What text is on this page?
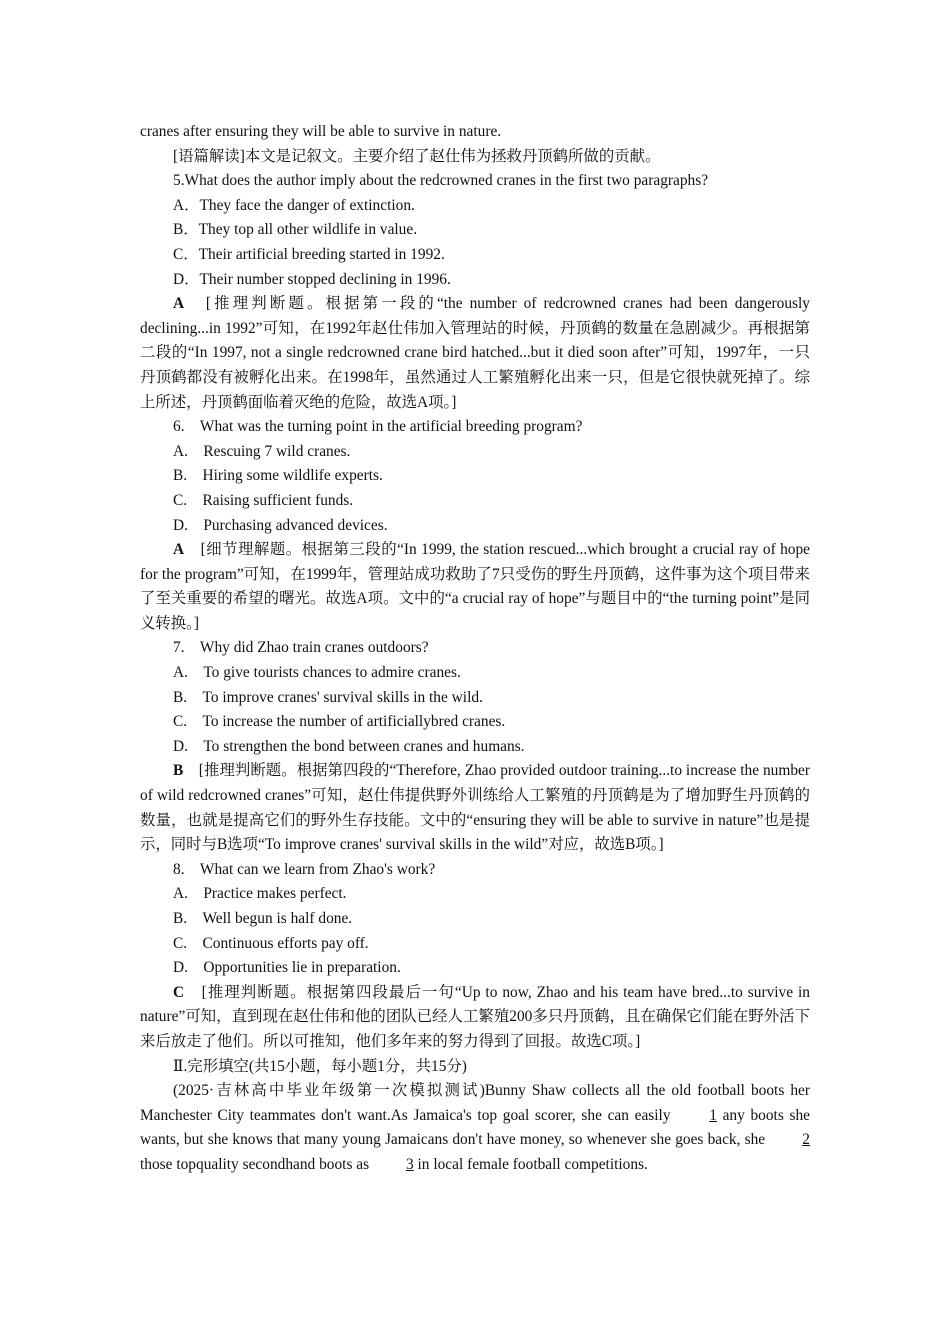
cranes after ensuring they will be able to survive in nature.

[语篇解读]本文是记叙文。主要介绍了赵仕伟为拯救丹顶鹤所做的贡献。

5.What does the author imply about the redcrowned cranes in the first two paragraphs?

A．They face the danger of extinction.

B．They top all other wildlife in value.

C．Their artificial breeding started in 1992.

D．Their number stopped declining in 1996.

A　 [推理判断题。根据第一段的“the number of redcrowned cranes had been dangerously declining...in 1992”可知，在1992年赵仕伟加入管理站的时候，丹顶鹤的数量在急剧减少。再根据第二段的“In 1997, not a single redcrowned crane bird hatched...but it died soon after”可知，1997年，一只丹顶鹤都没有被孵化出来。在1998年，虽然通过人工繁殖孵化出来一只，但是它很快就死掉了。综上所述，丹顶鹤面临着灭绝的危险，故选A项。]

6.　What was the turning point in the artificial breeding program?

A.　Rescuing 7 wild cranes.

B.　Hiring some wildlife experts.

C.　Raising sufficient funds.

D.　Purchasing advanced devices.

A　 [细节理解题。根据第三段的“In 1999, the station rescued...which brought a crucial ray of hope for the program”可知，在1999年，管理站成功救助了7只受伤的野生丹顶鹤，这件事为这个项目带来了至关重要的希望的曙光。故选A项。文中的“a crucial ray of hope”与题目中的“the turning point”是同义转换。]

7.　Why did Zhao train cranes outdoors?

A.　To give tourists chances to admire cranes.

B.　To improve cranes' survival skills in the wild.

C.　To increase the number of artificiallybred cranes.

D.　To strengthen the bond between cranes and humans.

B　 [推理判断题。根据第四段的“Therefore, Zhao provided outdoor training...to increase the number of wild redcrowned cranes”可知，赵仕伟提供野外训练给人工繁殖的丹顶鹤是为了增加野生丹顶鹤的数量，也就是提高它们的野外生存技能。文中的“ensuring they will be able to survive in nature”也是提示，同时与B选项“To improve cranes' survival skills in the wild”对应，故选B项。]

8.　What can we learn from Zhao's work?

A.　Practice makes perfect.

B.　Well begun is half done.

C.　Continuous efforts pay off.

D.　Opportunities lie in preparation.

C　 [推理判断题。根据第四段最后一句“Up to now, Zhao and his team have bred...to survive in nature”可知，直到现在赵仕伟和他的团队已经人工繁殖200多只丹顶鹤，且在确保它们能在野外活下来后放走了他们。所以可推知，他们多年来的努力得到了回报。故选C项。]

Ⅱ.完形填空(共15小题，每小题1分，共15分)

(2025·吉林高中毕业年级第一次模拟测试)Bunny Shaw collects all the old football boots her Manchester City teammates don't want.As Jamaica's top goal scorer, she can easily 1 any boots she wants, but she knows that many young Jamaicans don't have money, so whenever she goes back, she 2 those topquality secondhand boots as 3 in local female football competitions.
